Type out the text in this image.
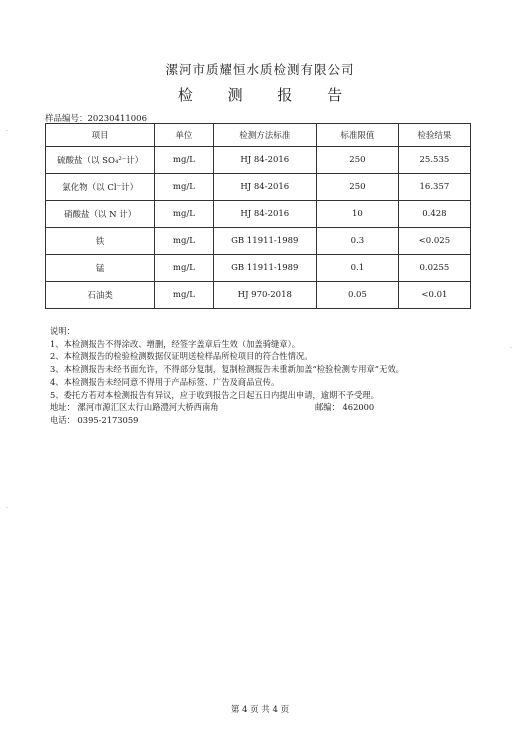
漯河市质耀恒水质检测有限公司
检 测 报 告
样品编号：20230411006
项目	单位	检测方法标准	标准限值	检验结果
硫酸盐（以 SO₄²⁻计）	mg/L	HJ 84-2016	250	25.535
氯化物（以 Cl⁻计）	mg/L	HJ 84-2016	250	16.357
硝酸盐（以 N 计）	mg/L	HJ 84-2016	10	0.428
铁	mg/L	GB 11911-1989	0.3	<0.025
锰	mg/L	GB 11911-1989	0.1	0.0255
石油类	mg/L	HJ 970-2018	0.05	<0.01
说明：
1、本检测报告不得涂改、增删，经签字盖章后生效（加盖骑缝章）。
2、本检测报告的检验检测数据仅证明送检样品所检项目的符合性情况。
3、本检测报告未经书面允许，不得部分复制，复制检测报告未重新加盖“检验检测专用章”无效。
4、本检测报告未经同意不得用于产品标签、广告及商品宣传。
5、委托方若对本检测报告有异议，应于收到报告之日起五日内提出申请，逾期不予受理。
地址： 漯河市源汇区太行山路澧河大桥西南角	邮编： 462000
电话： 0395-2173059
第 4 页 共 4 页
·
·
·
